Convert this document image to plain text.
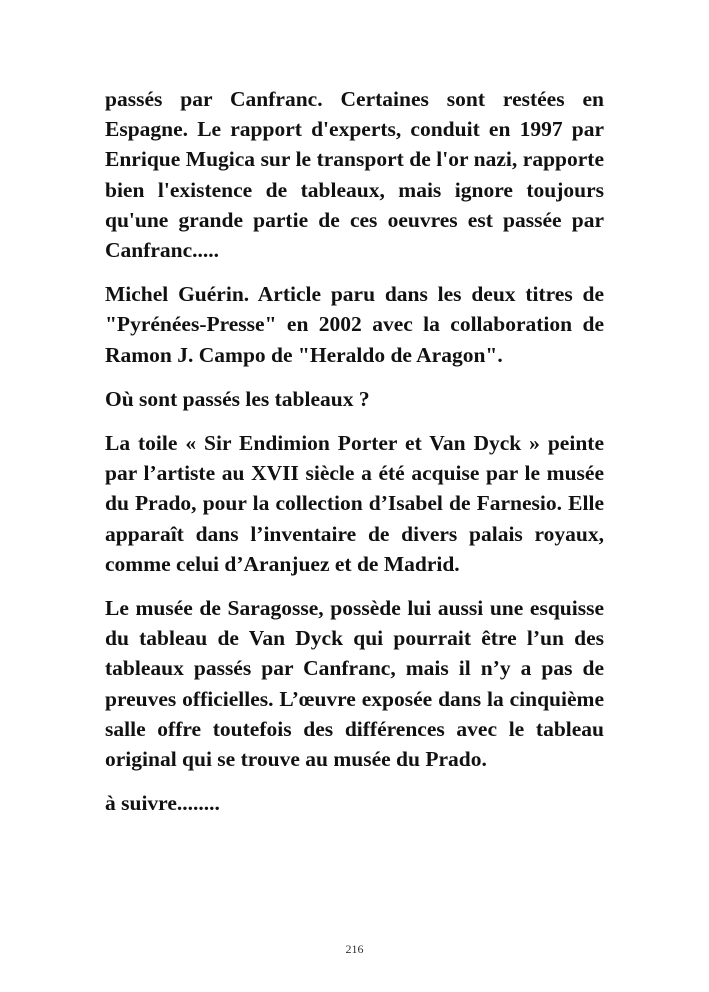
passés par Canfranc. Certaines sont restées en Espagne. Le rapport d'experts, conduit en 1997 par Enrique Mugica sur le transport de l'or nazi, rapporte bien l'existence de tableaux, mais ignore toujours qu'une grande partie de ces oeuvres est passée par Canfranc.....

Michel Guérin. Article paru dans les deux titres de "Pyrénées-Presse" en 2002 avec la collaboration de Ramon J. Campo de "Heraldo de Aragon".

Où sont passés les tableaux ?

La toile « Sir Endimion Porter et Van Dyck » peinte par l’artiste au XVII siècle a été acquise par le musée du Prado, pour la collection d’Isabel de Farnesio. Elle apparaît dans l’inventaire de divers palais royaux, comme celui d’Aranjuez et de Madrid.

Le musée de Saragosse, possède lui aussi une esquisse du tableau de Van Dyck qui pourrait être l’un des tableaux passés par Canfranc, mais il n’y a pas de preuves officielles. L’œuvre exposée dans la cinquième salle offre toutefois des différences avec le tableau original qui se trouve au musée du Prado.

à suivre........

216
